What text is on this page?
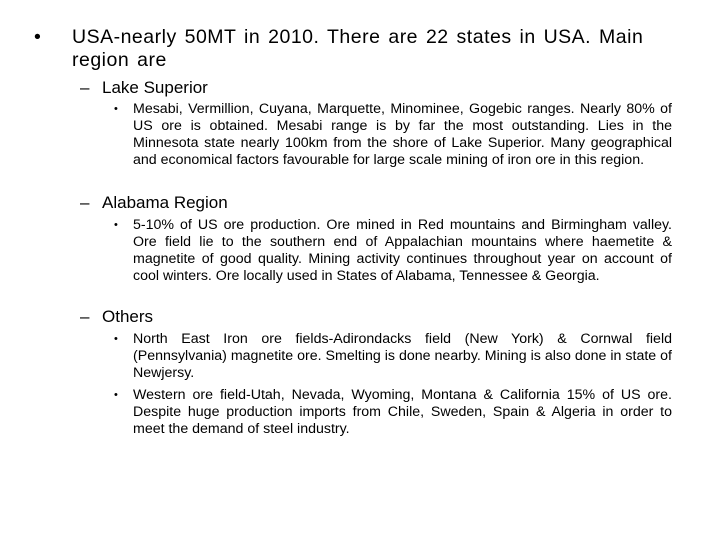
• USA-nearly 50MT in 2010. There are 22 states in USA. Main region are
– Lake Superior
• Mesabi, Vermillion, Cuyana, Marquette, Minominee, Gogebic ranges. Nearly 80% of US ore is obtained. Mesabi range is by far the most outstanding. Lies in the Minnesota state nearly 100km from the shore of Lake Superior. Many geographical and economical factors favourable for large scale mining of iron ore in this region.
– Alabama Region
• 5-10% of US ore production. Ore mined in Red mountains and Birmingham valley. Ore field lie to the southern end of Appalachian mountains where haemetite & magnetite of good quality. Mining activity continues throughout year on account of cool winters. Ore locally used in States of Alabama, Tennessee & Georgia.
– Others
• North East Iron ore fields-Adirondacks field (New York) & Cornwal field (Pennsylvania) magnetite ore. Smelting is done nearby. Mining is also done in state of Newjersy.
• Western ore field-Utah, Nevada, Wyoming, Montana & California 15% of US ore. Despite huge production imports from Chile, Sweden, Spain & Algeria in order to meet the demand of steel industry.
